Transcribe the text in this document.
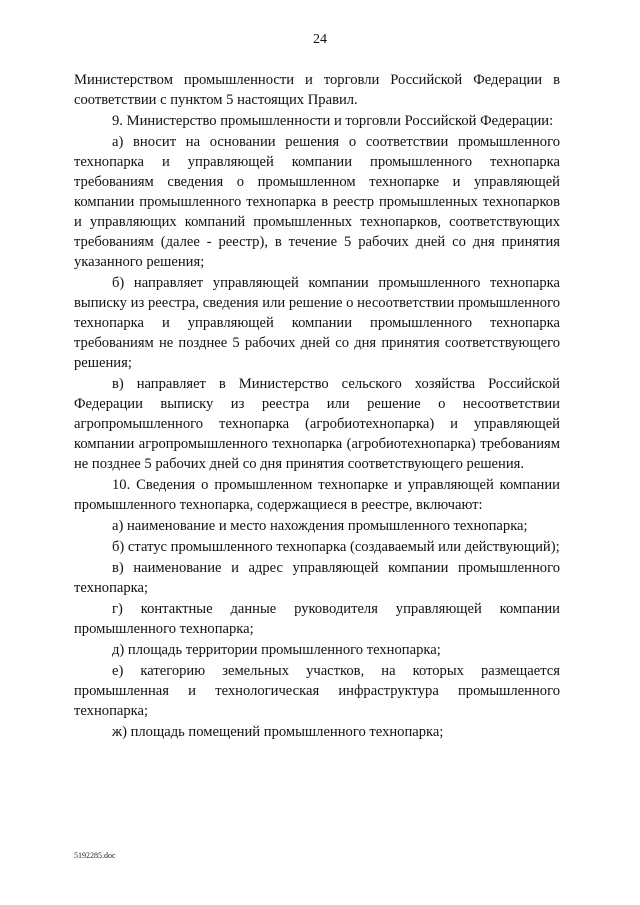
24

Министерством промышленности и торговли Российской Федерации в соответствии с пунктом 5 настоящих Правил.

9. Министерство промышленности и торговли Российской Федерации:

а) вносит на основании решения о соответствии промышленного технопарка и управляющей компании промышленного технопарка требованиям сведения о промышленном технопарке и управляющей компании промышленного технопарка в реестр промышленных технопарков и управляющих компаний промышленных технопарков, соответствующих требованиям (далее - реестр), в течение 5 рабочих дней со дня принятия указанного решения;

б) направляет управляющей компании промышленного технопарка выписку из реестра, сведения или решение о несоответствии промышленного технопарка и управляющей компании промышленного технопарка требованиям не позднее 5 рабочих дней со дня принятия соответствующего решения;

в) направляет в Министерство сельского хозяйства Российской Федерации выписку из реестра или решение о несоответствии агропромышленного технопарка (агробиотехнопарка) и управляющей компании агропромышленного технопарка (агробиотехнопарка) требованиям не позднее 5 рабочих дней со дня принятия соответствующего решения.

10. Сведения о промышленном технопарке и управляющей компании промышленного технопарка, содержащиеся в реестре, включают:

а) наименование и место нахождения промышленного технопарка;

б) статус промышленного технопарка (создаваемый или действующий);

в) наименование и адрес управляющей компании промышленного технопарка;

г) контактные данные руководителя управляющей компании промышленного технопарка;

д) площадь территории промышленного технопарка;

е) категорию земельных участков, на которых размещается промышленная и технологическая инфраструктура промышленного технопарка;

ж) площадь помещений промышленного технопарка;

5192285.doc
